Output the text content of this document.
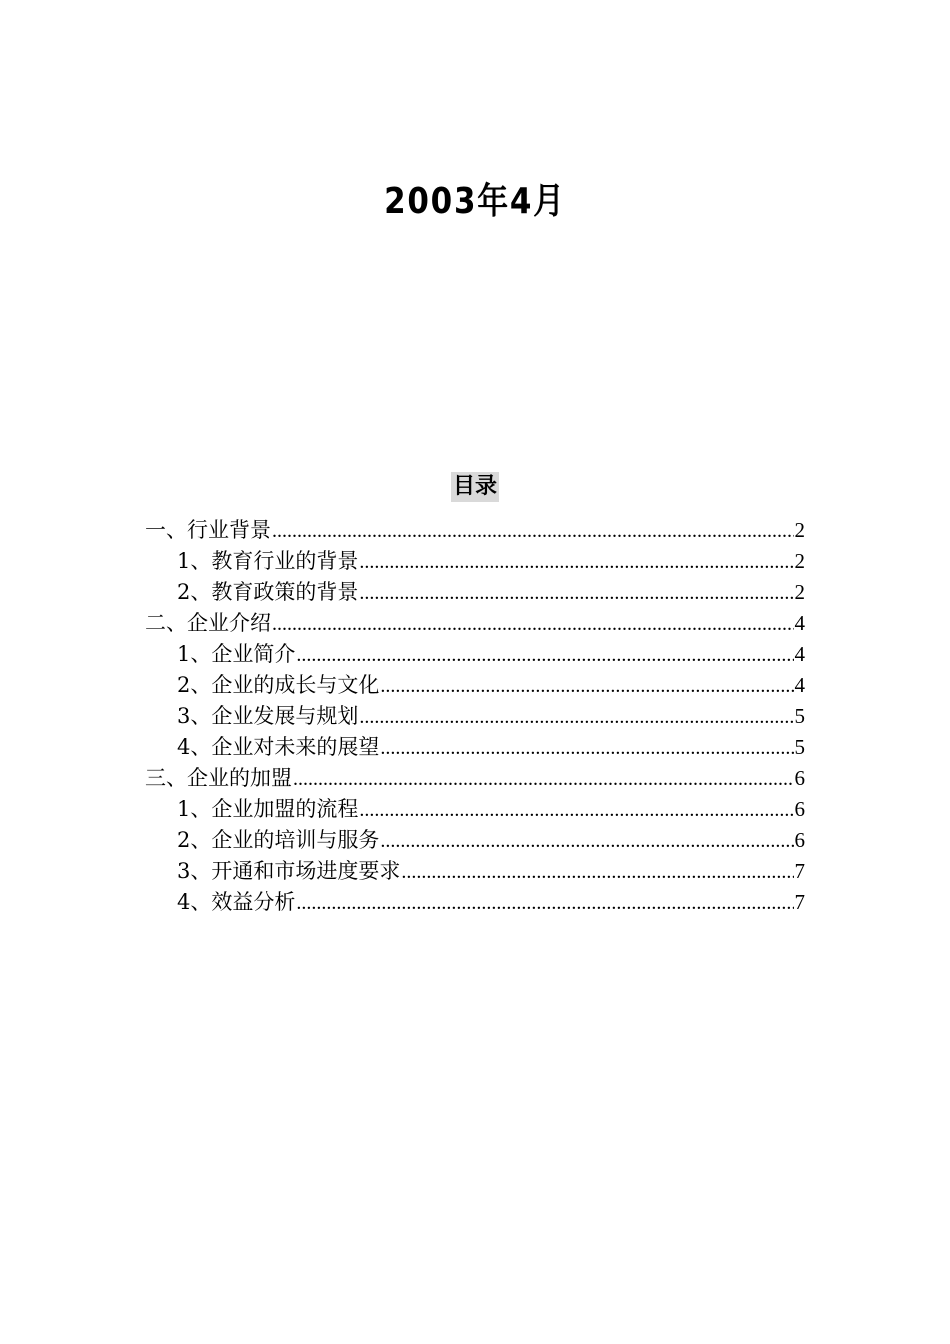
2003年4月
目录
一、行业背景 .....	2
1、教育行业的背景 .....	2
2、教育政策的背景 .....	2
二、企业介绍 .....	4
1、企业简介 .....	4
2、企业的成长与文化 .....	4
3、企业发展与规划 .....	5
4、企业对未来的展望 .....	5
三、企业的加盟 .....	6
1、企业加盟的流程 .....	6
2、企业的培训与服务 .....	6
3、开通和市场进度要求 .....	7
4、效益分析 .....	7
